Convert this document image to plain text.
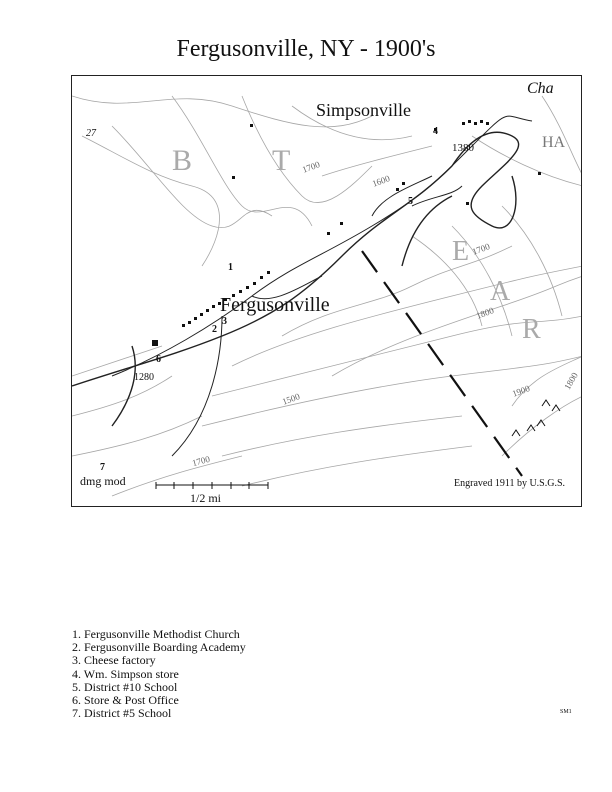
Fergusonville, NY - 1900's
Simpsonville
Fergusonville
Cha
HA
B	T
E
A
R
27
1380
1700
1600
1700
1800
1900	1800
1500
1280
1700
1
2
3
4
5
6
7
dmg mod	Engraved 1911 by U.S.G.S.
1/2 mi
1. Fergusonville Methodist Church
2. Fergusonville Boarding Academy
3. Cheese factory
4. Wm. Simpson store
5. District #10 School
6. Store & Post Office
7. District #5 School	SM1
